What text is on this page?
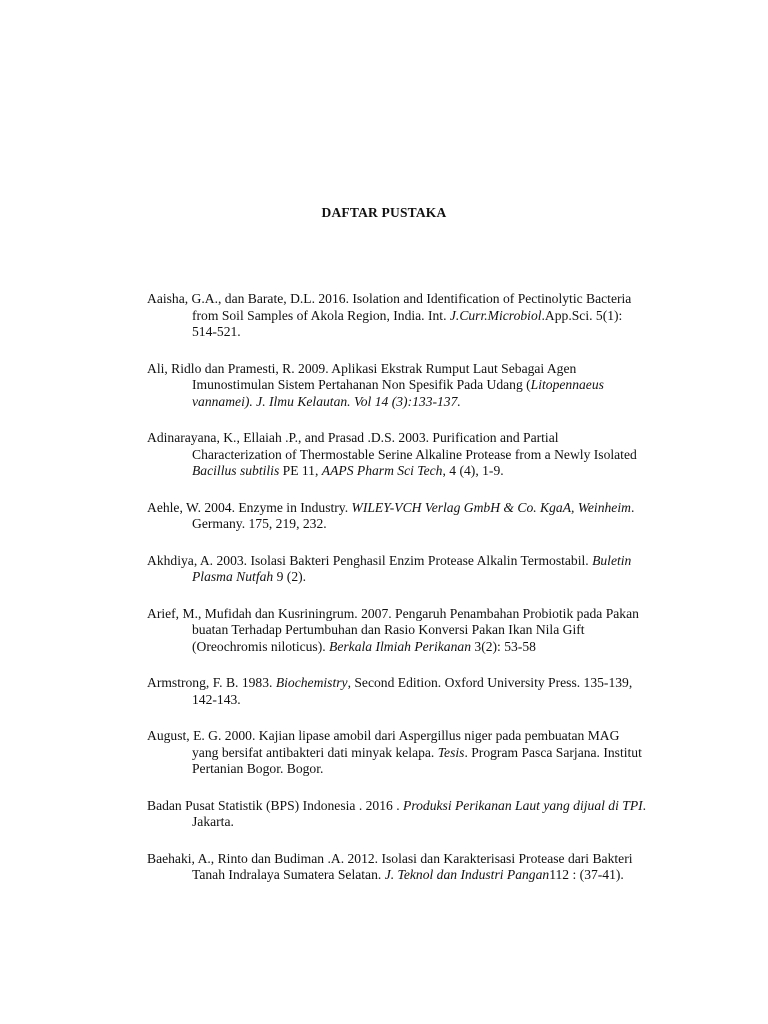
DAFTAR PUSTAKA

Aaisha, G.A., dan Barate, D.L. 2016. Isolation and Identification of Pectinolytic Bacteria from Soil Samples of Akola Region, India. Int. J.Curr.Microbiol.App.Sci. 5(1): 514-521.

Ali, Ridlo dan Pramesti, R. 2009. Aplikasi Ekstrak Rumput Laut Sebagai Agen Imunostimulan Sistem Pertahanan Non Spesifik Pada Udang (Litopennaeus vannamei). J. Ilmu Kelautan. Vol 14 (3):133-137.

Adinarayana, K., Ellaiah .P., and Prasad .D.S. 2003. Purification and Partial Characterization of Thermostable Serine Alkaline Protease from a Newly Isolated Bacillus subtilis PE 11, AAPS Pharm Sci Tech, 4 (4), 1-9.

Aehle, W. 2004. Enzyme in Industry. WILEY-VCH Verlag GmbH & Co. KgaA, Weinheim. Germany. 175, 219, 232.

Akhdiya, A. 2003. Isolasi Bakteri Penghasil Enzim Protease Alkalin Termostabil. Buletin Plasma Nutfah 9 (2).

Arief, M., Mufidah dan Kusriningrum. 2007. Pengaruh Penambahan Probiotik pada Pakan buatan Terhadap Pertumbuhan dan Rasio Konversi Pakan Ikan Nila Gift (Oreochromis niloticus). Berkala Ilmiah Perikanan 3(2): 53-58

Armstrong, F. B. 1983. Biochemistry, Second Edition. Oxford University Press. 135-139, 142-143.

August, E. G. 2000. Kajian lipase amobil dari Aspergillus niger pada pembuatan MAG yang bersifat antibakteri dati minyak kelapa. Tesis. Program Pasca Sarjana. Institut Pertanian Bogor. Bogor.

Badan Pusat Statistik (BPS) Indonesia . 2016 . Produksi Perikanan Laut yang dijual di TPI. Jakarta.

Baehaki, A., Rinto dan Budiman .A. 2012. Isolasi dan Karakterisasi Protease dari Bakteri Tanah Indralaya Sumatera Selatan. J. Teknol dan Industri Pangan112 : (37-41).
